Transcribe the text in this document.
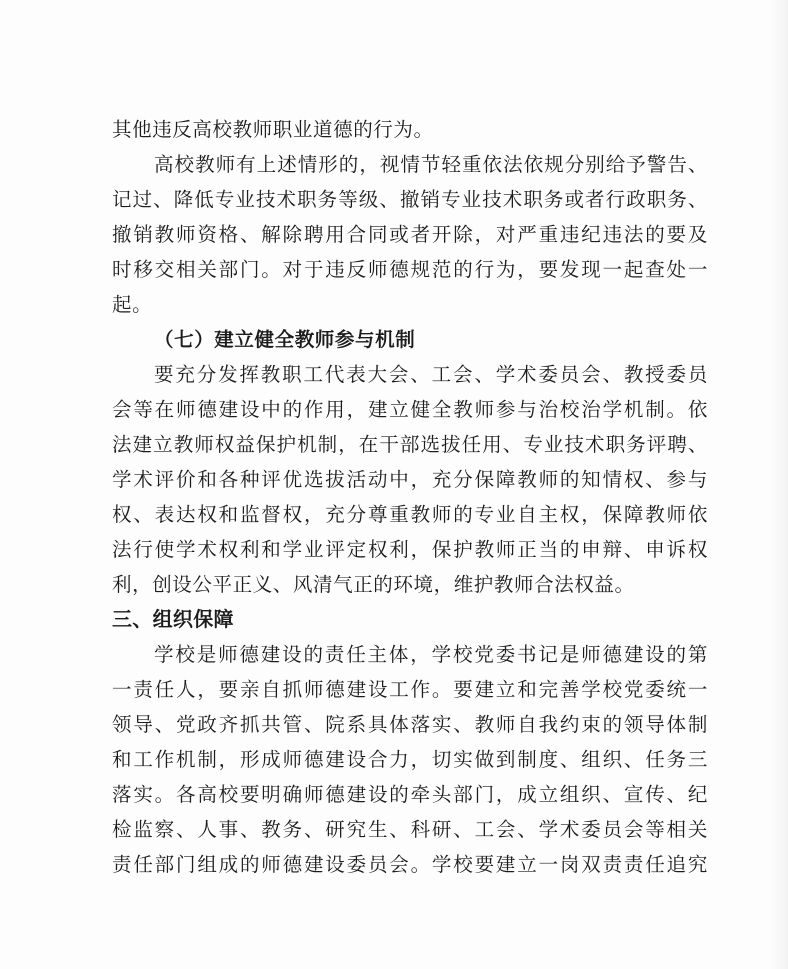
其他违反高校教师职业道德的行为。
高校教师有上述情形的，视情节轻重依法依规分别给予警告、
记过、降低专业技术职务等级、撤销专业技术职务或者行政职务、
撤销教师资格、解除聘用合同或者开除，对严重违纪违法的要及
时移交相关部门。对于违反师德规范的行为，要发现一起查处一
起。
（七）建立健全教师参与机制
要充分发挥教职工代表大会、工会、学术委员会、教授委员
会等在师德建设中的作用，建立健全教师参与治校治学机制。依
法建立教师权益保护机制，在干部选拔任用、专业技术职务评聘、
学术评价和各种评优选拔活动中，充分保障教师的知情权、参与
权、表达权和监督权，充分尊重教师的专业自主权，保障教师依
法行使学术权利和学业评定权利，保护教师正当的申辩、申诉权
利，创设公平正义、风清气正的环境，维护教师合法权益。
三、组织保障
学校是师德建设的责任主体，学校党委书记是师德建设的第
一责任人，要亲自抓师德建设工作。要建立和完善学校党委统一
领导、党政齐抓共管、院系具体落实、教师自我约束的领导体制
和工作机制，形成师德建设合力，切实做到制度、组织、任务三
落实。各高校要明确师德建设的牵头部门，成立组织、宣传、纪
检监察、人事、教务、研究生、科研、工会、学术委员会等相关
责任部门组成的师德建设委员会。学校要建立一岗双责责任追究
